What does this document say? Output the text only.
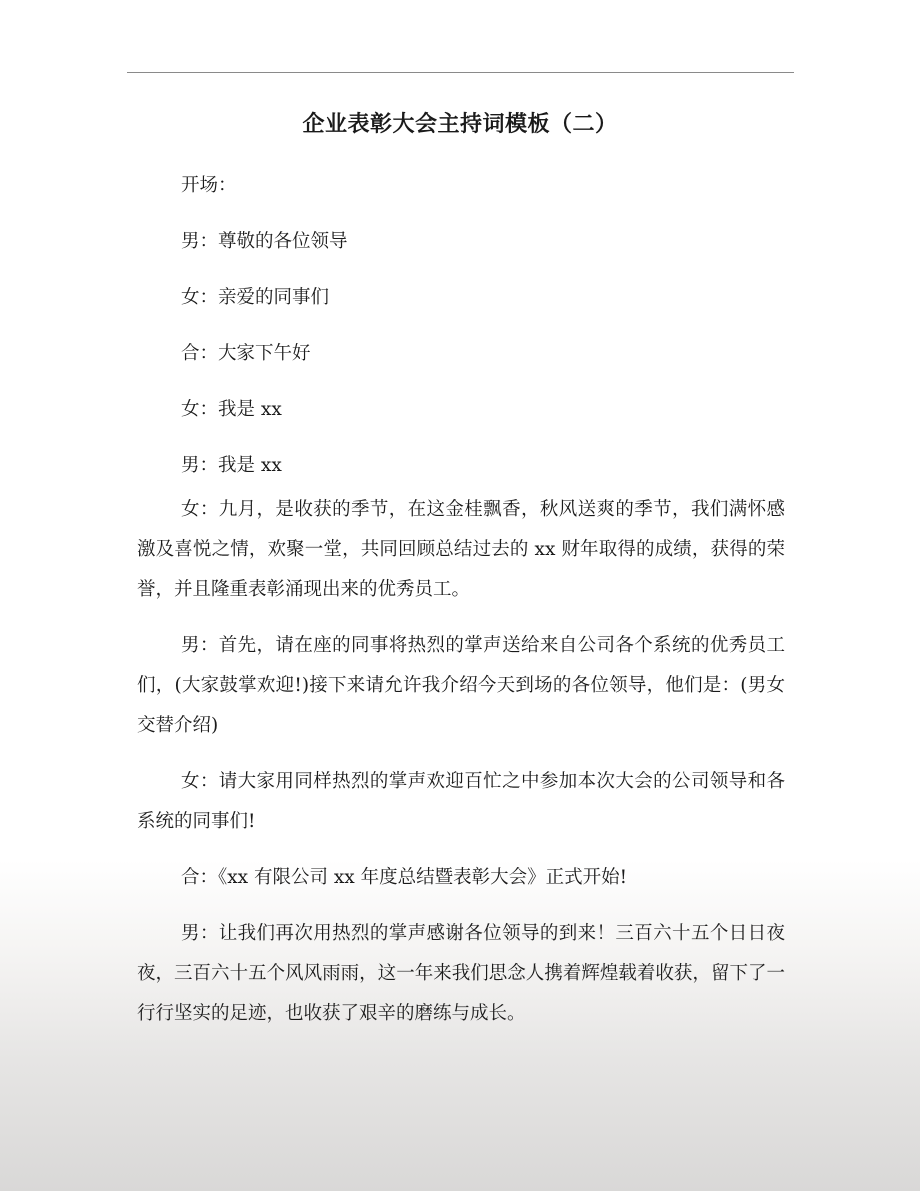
企业表彰大会主持词模板（二）

开场：

男：尊敬的各位领导

女：亲爱的同事们

合：大家下午好

女：我是 xx

男：我是 xx

女：九月，是收获的季节，在这金桂飘香，秋风送爽的季节，我们满怀感激及喜悦之情，欢聚一堂，共同回顾总结过去的 xx 财年取得的成绩，获得的荣誉，并且隆重表彰涌现出来的优秀员工。

男：首先，请在座的同事将热烈的掌声送给来自公司各个系统的优秀员工们，(大家鼓掌欢迎!)接下来请允许我介绍今天到场的各位领导，他们是：(男女交替介绍)

女：请大家用同样热烈的掌声欢迎百忙之中参加本次大会的公司领导和各系统的同事们!

合：《xx 有限公司 xx 年度总结暨表彰大会》正式开始!

男：让我们再次用热烈的掌声感谢各位领导的到来！三百六十五个日日夜夜，三百六十五个风风雨雨，这一年来我们思念人携着辉煌载着收获，留下了一行行坚实的足迹，也收获了艰辛的磨练与成长。
